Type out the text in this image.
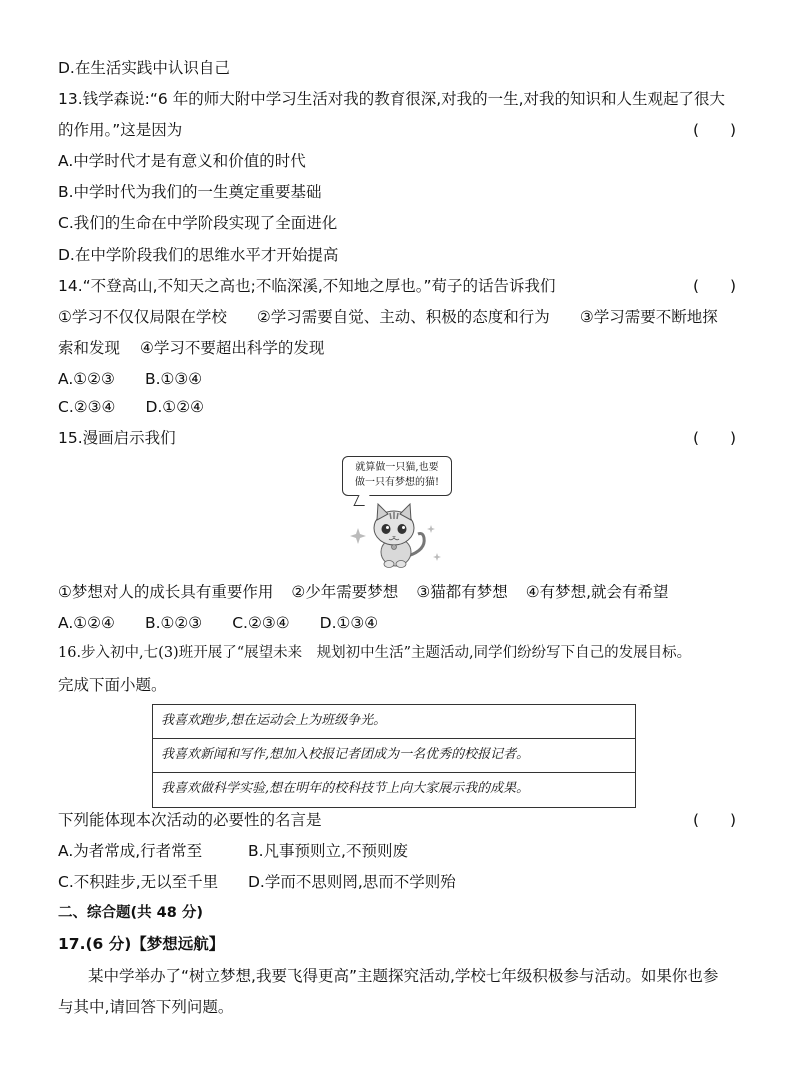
D.在生活实践中认识自己
13.钱学森说:“6 年的师大附中学习生活对我的教育很深,对我的一生,对我的知识和人生观起了很大
的作用。”这是因为	(　　)
A.中学时代才是有意义和价值的时代
B.中学时代为我们的一生奠定重要基础
C.我们的生命在中学阶段实现了全面进化
D.在中学阶段我们的思维水平才开始提高
14.“不登高山,不知天之高也;不临深溪,不知地之厚也。”荀子的话告诉我们	(　　)
①学习不仅仅局限在学校 ②学习需要自觉、主动、积极的态度和行为 ③学习需要不断地探
索和发现 ④学习不要超出科学的发现
A.①②③ B.①③④
C.②③④ D.①②④
15.漫画启示我们	(　　)
就算做一只猫,也要
做一只有梦想的猫!
①梦想对人的成长具有重要作用 ②少年需要梦想 ③猫都有梦想 ④有梦想,就会有希望
A.①②④ B.①②③ C.②③④ D.①③④
16.步入初中,七(3)班开展了“展望未来　规划初中生活”主题活动,同学们纷纷写下自己的发展目标。
完成下面小题。
我喜欢跑步,想在运动会上为班级争光。
我喜欢新闻和写作,想加入校报记者团成为一名优秀的校报记者。
我喜欢做科学实验,想在明年的校科技节上向大家展示我的成果。
下列能体现本次活动的必要性的名言是	(　　)
A.为者常成,行者常至	B.凡事预则立,不预则废
C.不积跬步,无以至千里 D.学而不思则罔,思而不学则殆
二、综合题(共 48 分)
17.(6 分)【梦想远航】
某中学举办了“树立梦想,我要飞得更高”主题探究活动,学校七年级积极参与活动。如果你也参
与其中,请回答下列问题。
